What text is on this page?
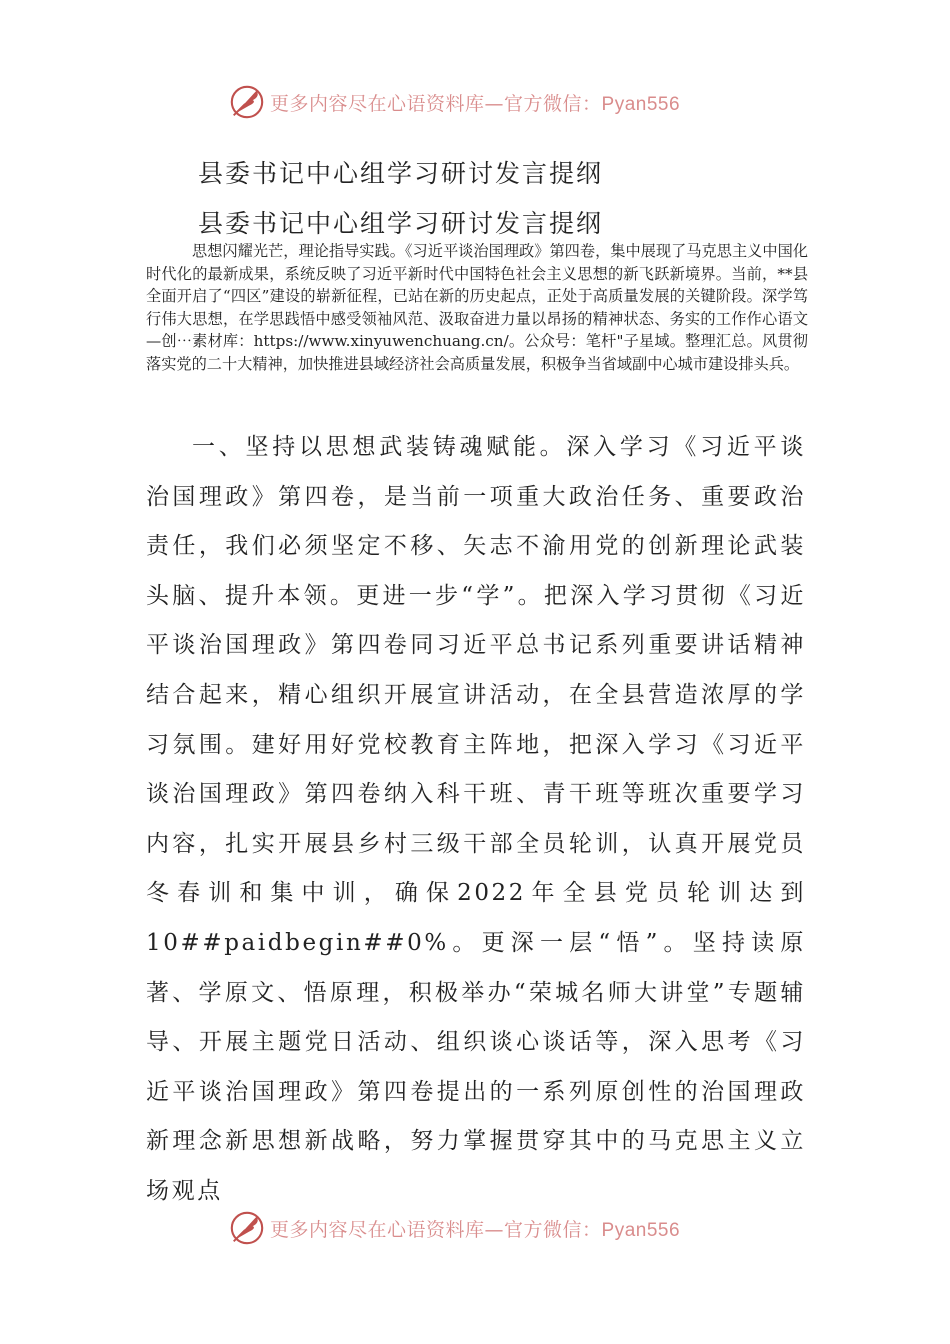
更多内容尽在心语资料库—官方微信：Pyan556
县委书记中心组学习研讨发言提纲
县委书记中心组学习研讨发言提纲
思想闪耀光芒，理论指导实践。《习近平谈治国理政》第四卷，集中展现了马克思主义中国化时代化的最新成果，系统反映了习近平新时代中国特色社会主义思想的新飞跃新境界。当前，**县全面开启了“四区”建设的崭新征程，已站在新的历史起点，正处于高质量发展的关键阶段。深学笃行伟大思想，在学思践悟中感受领袖风范、汲取奋进力量以昂扬的精神状态、务实的工作作心语文—创⋯素材库：https://www.xinyuwenchuang.cn/。公众号：笔杆"子星域。整理汇总。风贯彻落实党的二十大精神，加快推进县域经济社会高质量发展，积极争当省域副中心城市建设排头兵。
一、坚持以思想武装铸魂赋能。深入学习《习近平谈治国理政》第四卷，是当前一项重大政治任务、重要政治责任，我们必须坚定不移、矢志不渝用党的创新理论武装头脑、提升本领。更进一步“学”。把深入学习贯彻《习近平谈治国理政》第四卷同习近平总书记系列重要讲话精神结合起来，精心组织开展宣讲活动，在全县营造浓厚的学习氛围。建好用好党校教育主阵地，把深入学习《习近平谈治国理政》第四卷纳入科干班、青干班等班次重要学习内容，扎实开展县乡村三级干部全员轮训，认真开展党员冬春训和集中训，确保2022年全县党员轮训达到10##paidbegin##0%。更深一层“悟”。坚持读原著、学原文、悟原理，积极举办“荣城名师大讲堂”专题辅导、开展主题党日活动、组织谈心谈话等，深入思考《习近平谈治国理政》第四卷提出的一系列原创性的治国理政新理念新思想新战略，努力掌握贯穿其中的马克思主义立场观点
更多内容尽在心语资料库—官方微信：Pyan556
